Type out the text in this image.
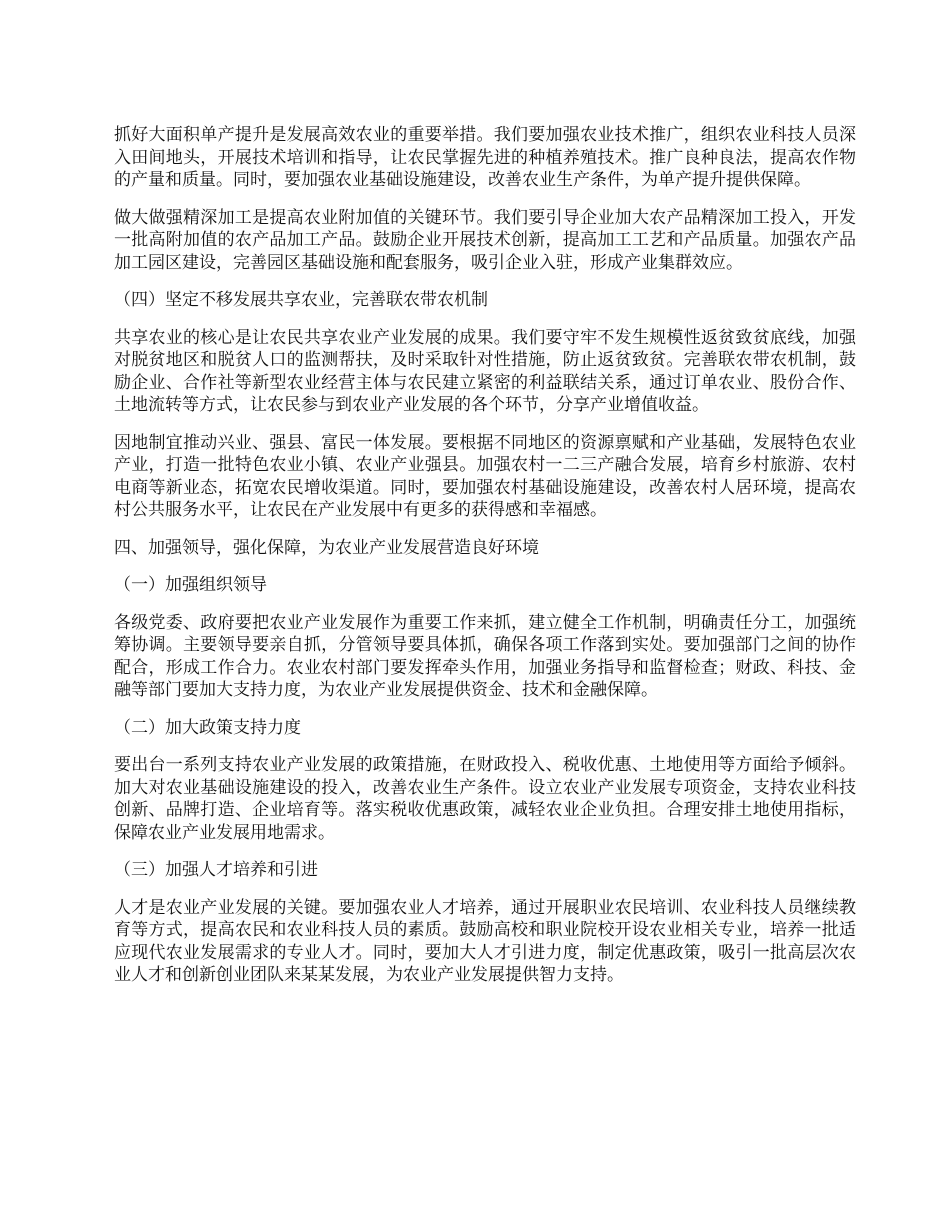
抓好大面积单产提升是发展高效农业的重要举措。我们要加强农业技术推广，组织农业科技人员深入田间地头，开展技术培训和指导，让农民掌握先进的种植养殖技术。推广良种良法，提高农作物的产量和质量。同时，要加强农业基础设施建设，改善农业生产条件，为单产提升提供保障。

做大做强精深加工是提高农业附加值的关键环节。我们要引导企业加大农产品精深加工投入，开发一批高附加值的农产品加工产品。鼓励企业开展技术创新，提高加工工艺和产品质量。加强农产品加工园区建设，完善园区基础设施和配套服务，吸引企业入驻，形成产业集群效应。

（四）坚定不移发展共享农业，完善联农带农机制

共享农业的核心是让农民共享农业产业发展的成果。我们要守牢不发生规模性返贫致贫底线，加强对脱贫地区和脱贫人口的监测帮扶，及时采取针对性措施，防止返贫致贫。完善联农带农机制，鼓励企业、合作社等新型农业经营主体与农民建立紧密的利益联结关系，通过订单农业、股份合作、土地流转等方式，让农民参与到农业产业发展的各个环节，分享产业增值收益。

因地制宜推动兴业、强县、富民一体发展。要根据不同地区的资源禀赋和产业基础，发展特色农业产业，打造一批特色农业小镇、农业产业强县。加强农村一二三产融合发展，培育乡村旅游、农村电商等新业态，拓宽农民增收渠道。同时，要加强农村基础设施建设，改善农村人居环境，提高农村公共服务水平，让农民在产业发展中有更多的获得感和幸福感。

四、加强领导，强化保障，为农业产业发展营造良好环境

（一）加强组织领导

各级党委、政府要把农业产业发展作为重要工作来抓，建立健全工作机制，明确责任分工，加强统筹协调。主要领导要亲自抓，分管领导要具体抓，确保各项工作落到实处。要加强部门之间的协作配合，形成工作合力。农业农村部门要发挥牵头作用，加强业务指导和监督检查；财政、科技、金融等部门要加大支持力度，为农业产业发展提供资金、技术和金融保障。

（二）加大政策支持力度

要出台一系列支持农业产业发展的政策措施，在财政投入、税收优惠、土地使用等方面给予倾斜。加大对农业基础设施建设的投入，改善农业生产条件。设立农业产业发展专项资金，支持农业科技创新、品牌打造、企业培育等。落实税收优惠政策，减轻农业企业负担。合理安排土地使用指标，保障农业产业发展用地需求。

（三）加强人才培养和引进

人才是农业产业发展的关键。要加强农业人才培养，通过开展职业农民培训、农业科技人员继续教育等方式，提高农民和农业科技人员的素质。鼓励高校和职业院校开设农业相关专业，培养一批适应现代农业发展需求的专业人才。同时，要加大人才引进力度，制定优惠政策，吸引一批高层次农业人才和创新创业团队来某某发展，为农业产业发展提供智力支持。
